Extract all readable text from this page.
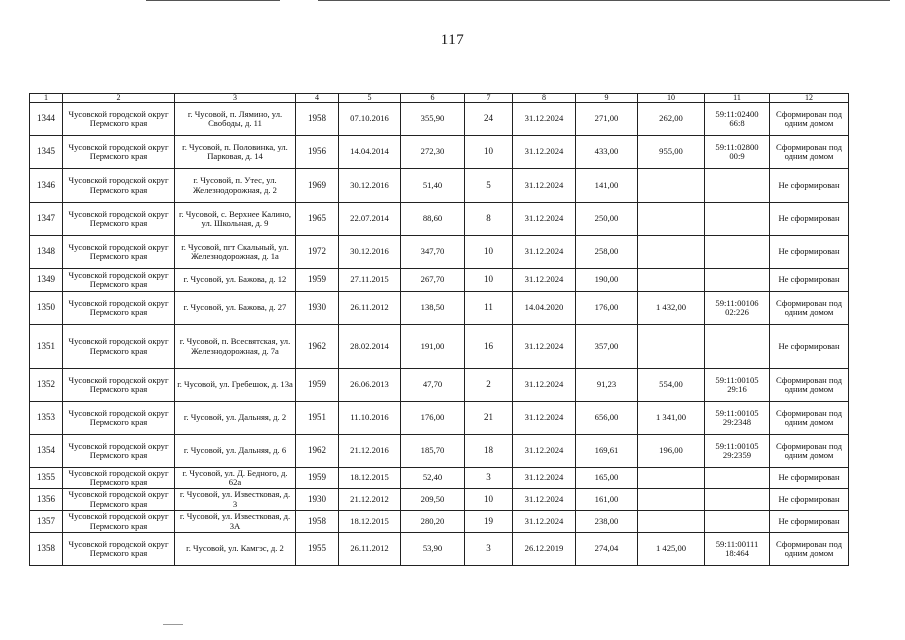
117
1	2	3	4	5	6	7	8	9	10	11	12
1344	Чусовской городской округ Пермского края	г. Чусовой, п. Лямино, ул. Свободы, д. 11	1958	07.10.2016	355,90	24	31.12.2024	271,00	262,00	59:11:02400 66:8	Сформирован под одним домом
1345	Чусовской городской округ Пермского края	г. Чусовой, п. Половинка, ул. Парковая, д. 14	1956	14.04.2014	272,30	10	31.12.2024	433,00	955,00	59:11:02800 00:9	Сформирован под одним домом
1346	Чусовской городской округ Пермского края	г. Чусовой, п. Утес, ул. Железнодорожная, д. 2	1969	30.12.2016	51,40	5	31.12.2024	141,00			Не сформирован
1347	Чусовской городской округ Пермского края	г. Чусовой, с. Верхнее Калино, ул. Школьная, д. 9	1965	22.07.2014	88,60	8	31.12.2024	250,00			Не сформирован
1348	Чусовской городской округ Пермского края	г. Чусовой, пгт Скальный, ул. Железнодорожная, д. 1а	1972	30.12.2016	347,70	10	31.12.2024	258,00			Не сформирован
1349	Чусовской городской округ Пермского края	г. Чусовой, ул. Бажова, д. 12	1959	27.11.2015	267,70	10	31.12.2024	190,00			Не сформирован
1350	Чусовской городской округ Пермского края	г. Чусовой, ул. Бажова, д. 27	1930	26.11.2012	138,50	11	14.04.2020	176,00	1 432,00	59:11:00106 02:226	Сформирован под одним домом
1351	Чусовской городской округ Пермского края	г. Чусовой, п. Всесвятская, ул. Железнодорожная, д. 7а	1962	28.02.2014	191,00	16	31.12.2024	357,00			Не сформирован
1352	Чусовской городской округ Пермского края	г. Чусовой, ул. Гребешок, д. 13а	1959	26.06.2013	47,70	2	31.12.2024	91,23	554,00	59:11:00105 29:16	Сформирован под одним домом
1353	Чусовской городской округ Пермского края	г. Чусовой, ул. Дальняя, д. 2	1951	11.10.2016	176,00	21	31.12.2024	656,00	1 341,00	59:11:00105 29:2348	Сформирован под одним домом
1354	Чусовской городской округ Пермского края	г. Чусовой, ул. Дальняя, д. 6	1962	21.12.2016	185,70	18	31.12.2024	169,61	196,00	59:11:00105 29:2359	Сформирован под одним домом
1355	Чусовской городской округ Пермского края	г. Чусовой, ул. Д. Бедного, д. 62а	1959	18.12.2015	52,40	3	31.12.2024	165,00			Не сформирован
1356	Чусовской городской округ Пермского края	г. Чусовой, ул. Известковая, д. 3	1930	21.12.2012	209,50	10	31.12.2024	161,00			Не сформирован
1357	Чусовской городской округ Пермского края	г. Чусовой, ул. Известковая, д. 3А	1958	18.12.2015	280,20	19	31.12.2024	238,00			Не сформирован
1358	Чусовской городской округ Пермского края	г. Чусовой, ул. Камгэс, д. 2	1955	26.11.2012	53,90	3	26.12.2019	274,04	1 425,00	59:11:00111 18:464	Сформирован под одним домом
